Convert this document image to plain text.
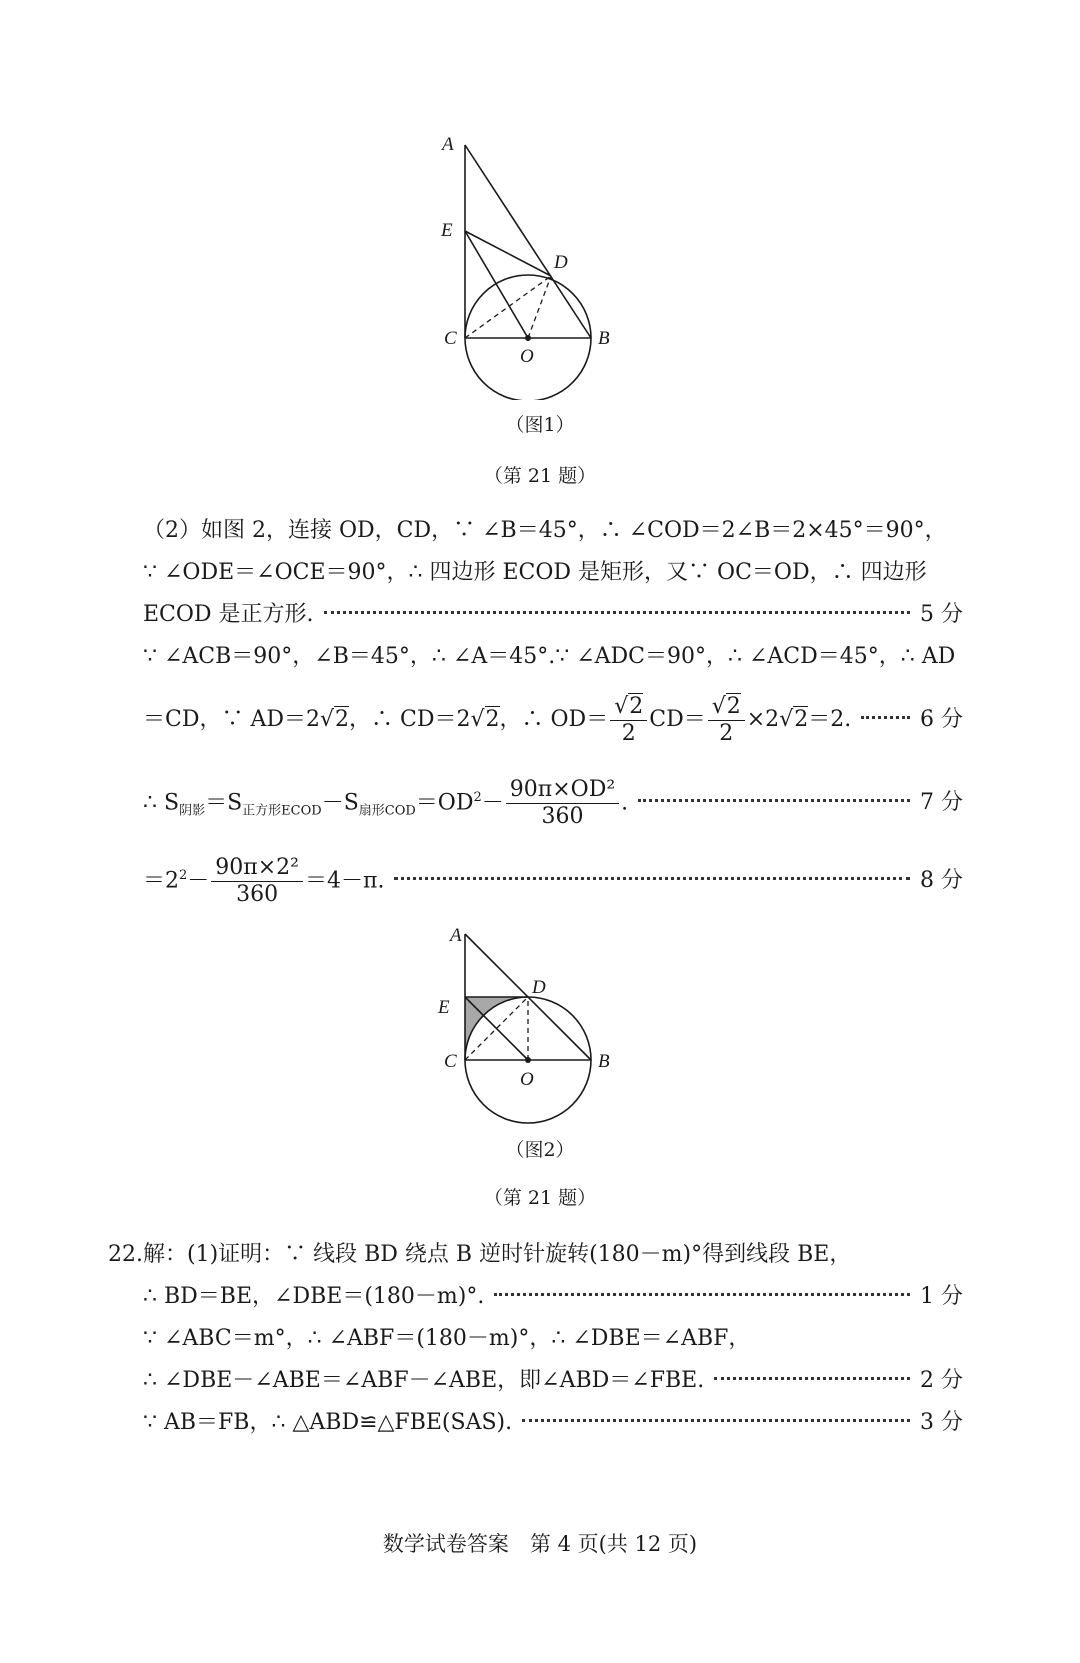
A
E
D
C
O
B
（图1）
（第 21 题）
（2）如图 2，连接 OD，CD，∵ ∠B＝45°，∴ ∠COD＝2∠B＝2×45°＝90°，
∵ ∠ODE＝∠OCE＝90°，∴ 四边形 ECOD 是矩形，又∵ OC＝OD，∴ 四边形
ECOD 是正方形.	5 分
∵ ∠ACB＝90°，∠B＝45°，∴ ∠A＝45°.∵ ∠ADC＝90°，∴ ∠ACD＝45°，∴ AD
＝CD，∵ AD＝2√2，∴ CD＝2√2，∴ $OD= \frac{√2}{2} CD= \frac{√2}{2} \times 2√2=2$.	6 分
∴ $S_{阴影}=S_{正方形ECOD}-S_{扇形COD}=OD^2- \frac{\text{90π×OD²}}{360}$ .	7 分
$=2^2- \frac{\text{90π×2²}}{360} =4-\pi$.	8 分
A
E
D
C
O
B
（图2）
（第 21 题）
22.解：(1)证明：∵ 线段 BD 绕点 B 逆时针旋转(180－m)°得到线段 BE，
∴ BD＝BE，∠DBE＝(180－m)°.	1 分
∵ ∠ABC＝m°，∴ ∠ABF＝(180－m)°，∴ ∠DBE＝∠ABF，
∴ ∠DBE－∠ABE＝∠ABF－∠ABE，即∠ABD＝∠FBE.	2 分
∵ AB＝FB，∴ △ABD≌△FBE(SAS).	3 分
数学试卷答案　第 4 页(共 12 页)
